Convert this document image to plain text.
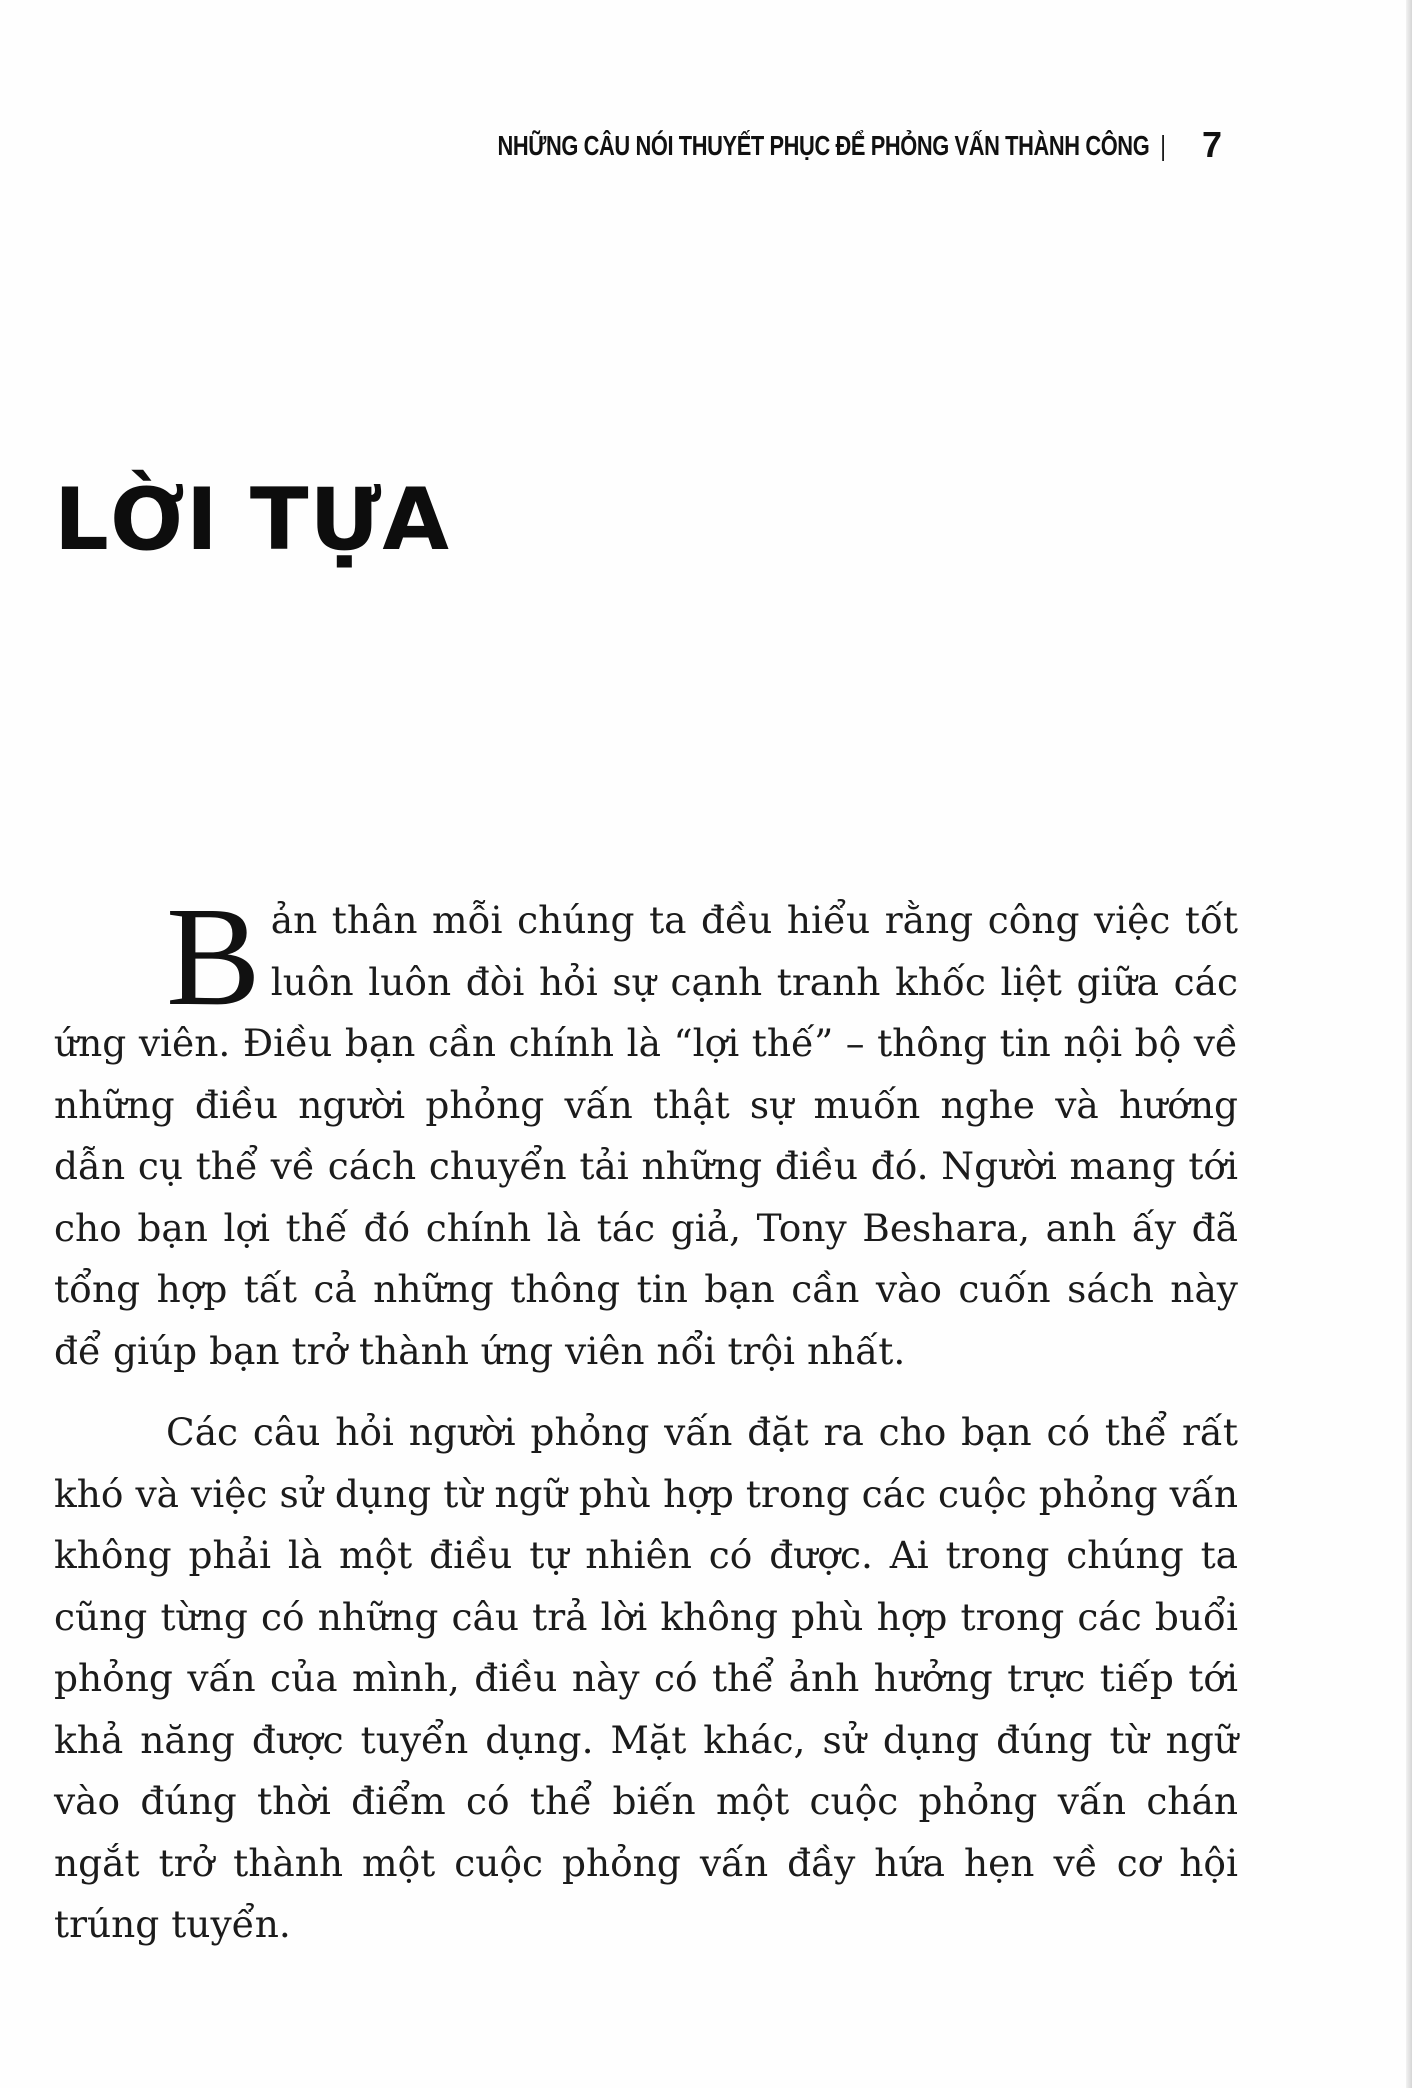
NHỮNG CÂU NÓI THUYẾT PHỤC ĐỂ PHỎNG VẤN THÀNH CÔNG |	7
LỜI TỰA

Bản thân mỗi chúng ta đều hiểu rằng công việc tốt luôn luôn đòi hỏi sự cạnh tranh khốc liệt giữa các ứng viên. Điều bạn cần chính là “lợi thế” – thông tin nội bộ về những điều người phỏng vấn thật sự muốn nghe và hướng dẫn cụ thể về cách chuyển tải những điều đó. Người mang tới cho bạn lợi thế đó chính là tác giả, Tony Beshara, anh ấy đã tổng hợp tất cả những thông tin bạn cần vào cuốn sách này để giúp bạn trở thành ứng viên nổi trội nhất.

Các câu hỏi người phỏng vấn đặt ra cho bạn có thể rất khó và việc sử dụng từ ngữ phù hợp trong các cuộc phỏng vấn không phải là một điều tự nhiên có được. Ai trong chúng ta cũng từng có những câu trả lời không phù hợp trong các buổi phỏng vấn của mình, điều này có thể ảnh hưởng trực tiếp tới khả năng được tuyển dụng. Mặt khác, sử dụng đúng từ ngữ vào đúng thời điểm có thể biến một cuộc phỏng vấn chán ngắt trở thành một cuộc phỏng vấn đầy hứa hẹn về cơ hội trúng tuyển.
